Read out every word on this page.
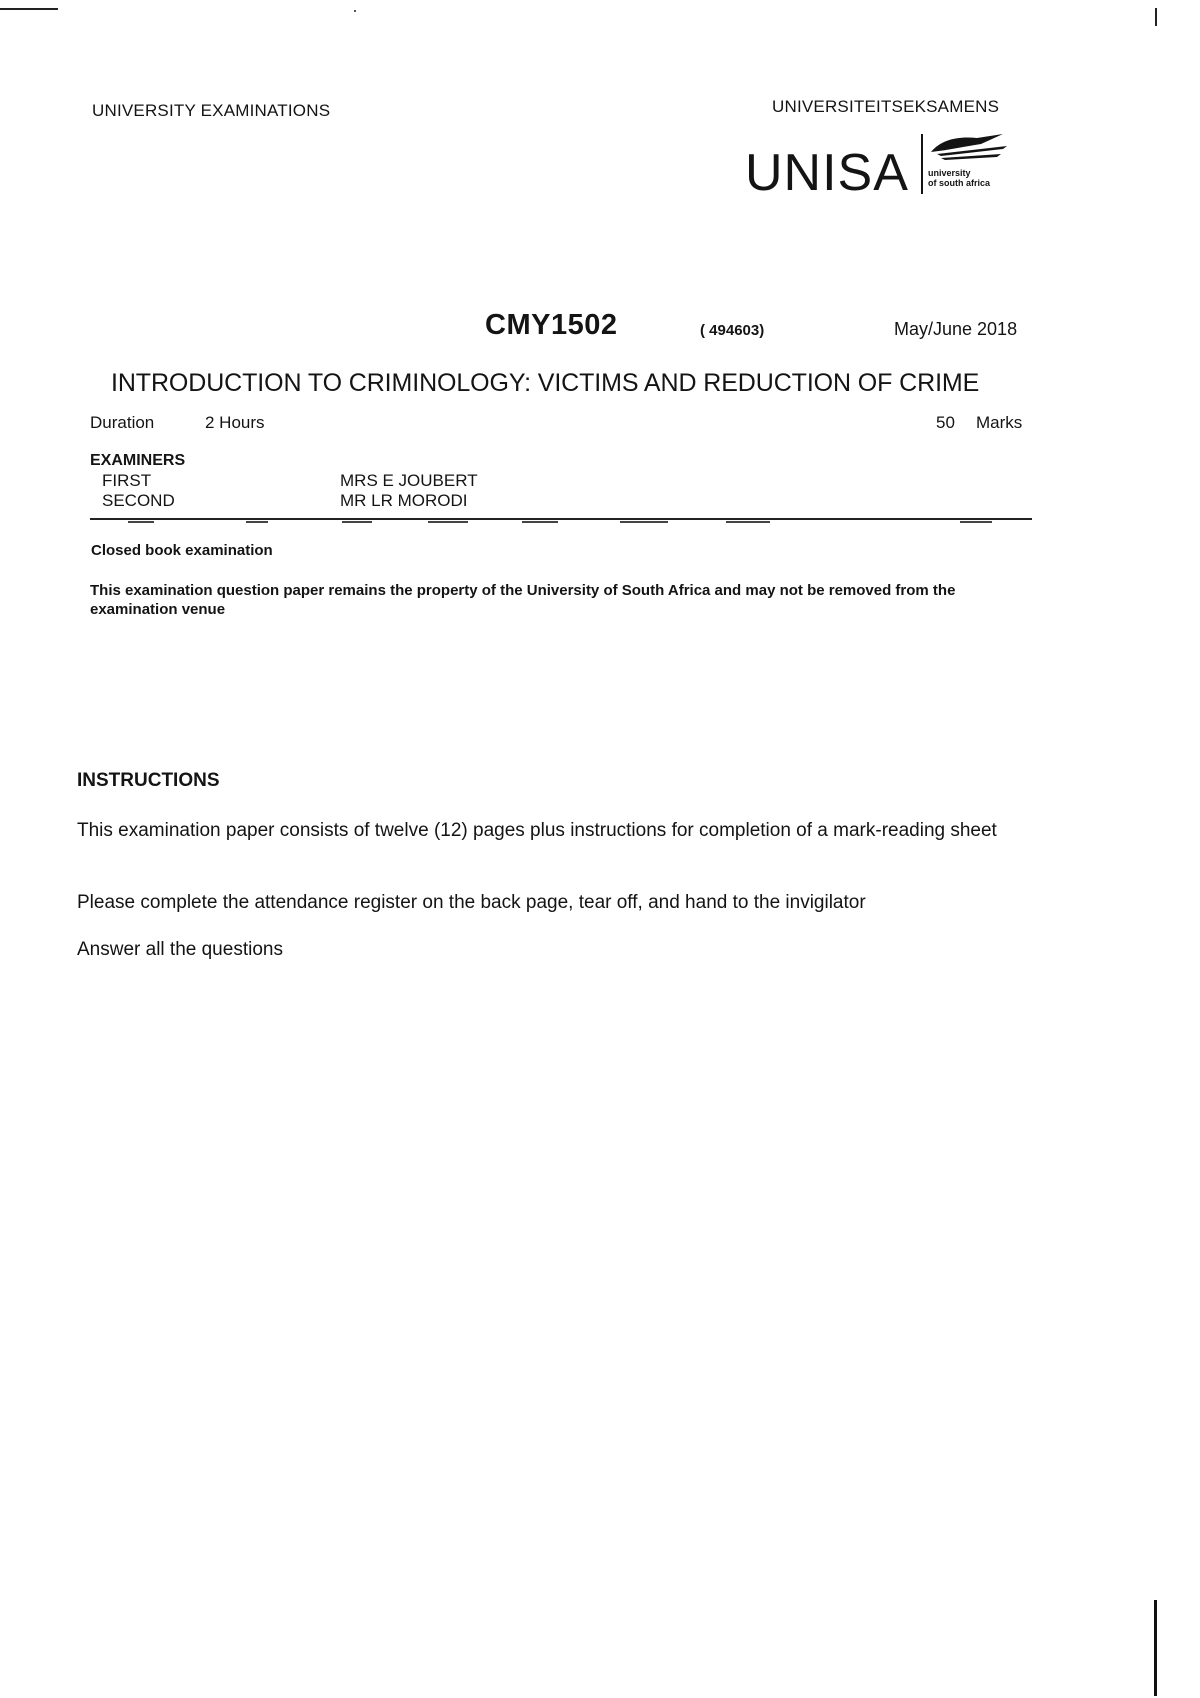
UNIVERSITY EXAMINATIONS	UNIVERSITEITSEKSAMENS
UNISA university
of south africa
CMY1502	( 494603)	May/June 2018
INTRODUCTION TO CRIMINOLOGY: VICTIMS AND REDUCTION OF CRIME
Duration	2 Hours	50 Marks
EXAMINERS
FIRST	MRS E JOUBERT
SECOND	MR LR MORODI
Closed book examination
This examination question paper remains the property of the University of South Africa and may not be removed from the examination venue
INSTRUCTIONS
This examination paper consists of twelve (12) pages plus instructions for completion of a mark-reading sheet
Please complete the attendance register on the back page, tear off, and hand to the invigilator
Answer all the questions
